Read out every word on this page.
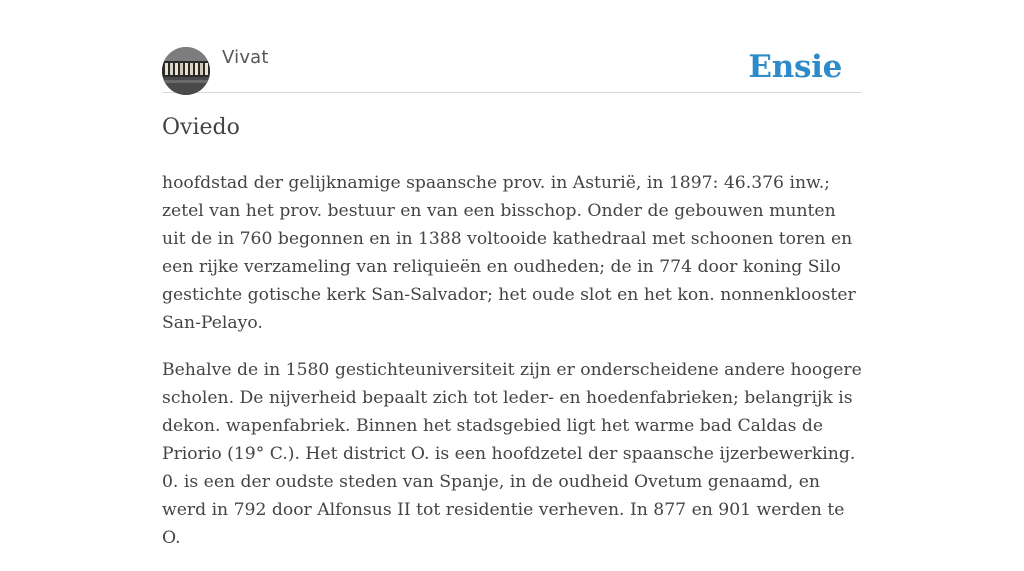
Vivat	Ensie
Oviedo

hoofdstad der gelijknamige spaansche prov. in Asturië, in 1897: 46.376 inw.; zetel van het prov. bestuur en van een bisschop. Onder de gebouwen munten uit de in 760 begonnen en in 1388 voltooide kathedraal met schoonen toren en een rijke verzameling van reliquieën en oudheden; de in 774 door koning Silo gestichte gotische kerk San-Salvador; het oude slot en het kon. nonnenklooster San-Pelayo.

Behalve de in 1580 gestichteuniversiteit zijn er onderscheidene andere hoogere scholen. De nijverheid bepaalt zich tot leder- en hoedenfabrieken; belangrijk is dekon. wapenfabriek. Binnen het stadsgebied ligt het warme bad Caldas de Priorio (19° C.). Het district O. is een hoofdzetel der spaansche ijzerbewerking. 0. is een der oudste steden van Spanje, in de oudheid Ovetum genaamd, en werd in 792 door Alfonsus II tot residentie verheven. In 877 en 901 werden te O.
